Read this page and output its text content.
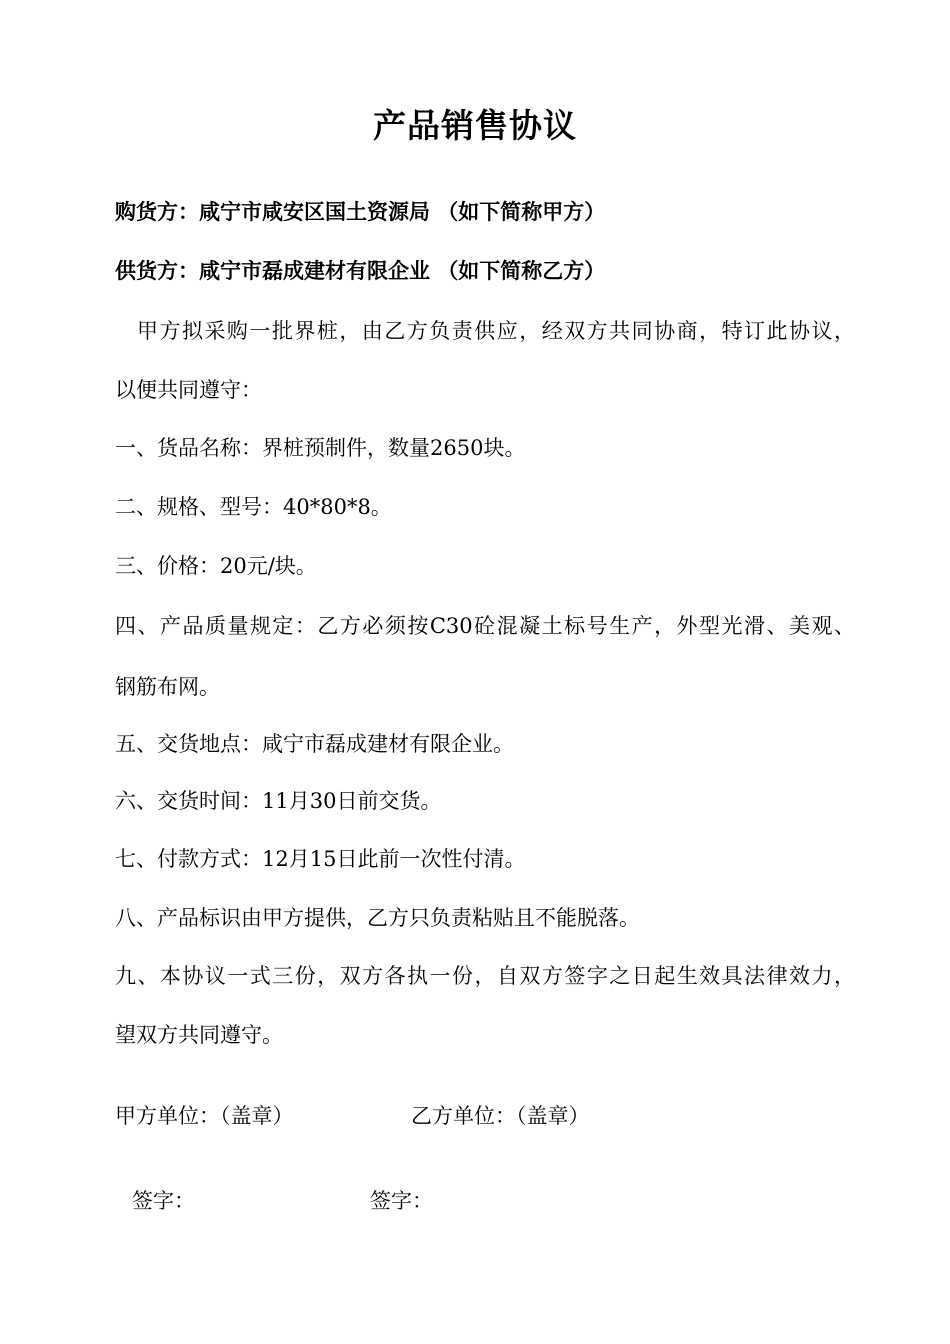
产品销售协议
购货方：咸宁市咸安区国土资源局 （如下简称甲方）
供货方：咸宁市磊成建材有限企业 （如下简称乙方）
甲方拟采购一批界桩，由乙方负责供应，经双方共同协商，特订此协议，
以便共同遵守：
一、货品名称：界桩预制件，数量2650块。
二、规格、型号：40*80*8。
三、价格：20元/块。
四、产品质量规定：乙方必须按C30砼混凝土标号生产，外型光滑、美观、
钢筋布网。
五、交货地点：咸宁市磊成建材有限企业。
六、交货时间：11月30日前交货。
七、付款方式：12月15日此前一次性付清。
八、产品标识由甲方提供，乙方只负责粘贴且不能脱落。
九、本协议一式三份，双方各执一份，自双方签字之日起生效具法律效力，
望双方共同遵守。
甲方单位：（盖章）	乙方单位：（盖章）
签字：	签字：
